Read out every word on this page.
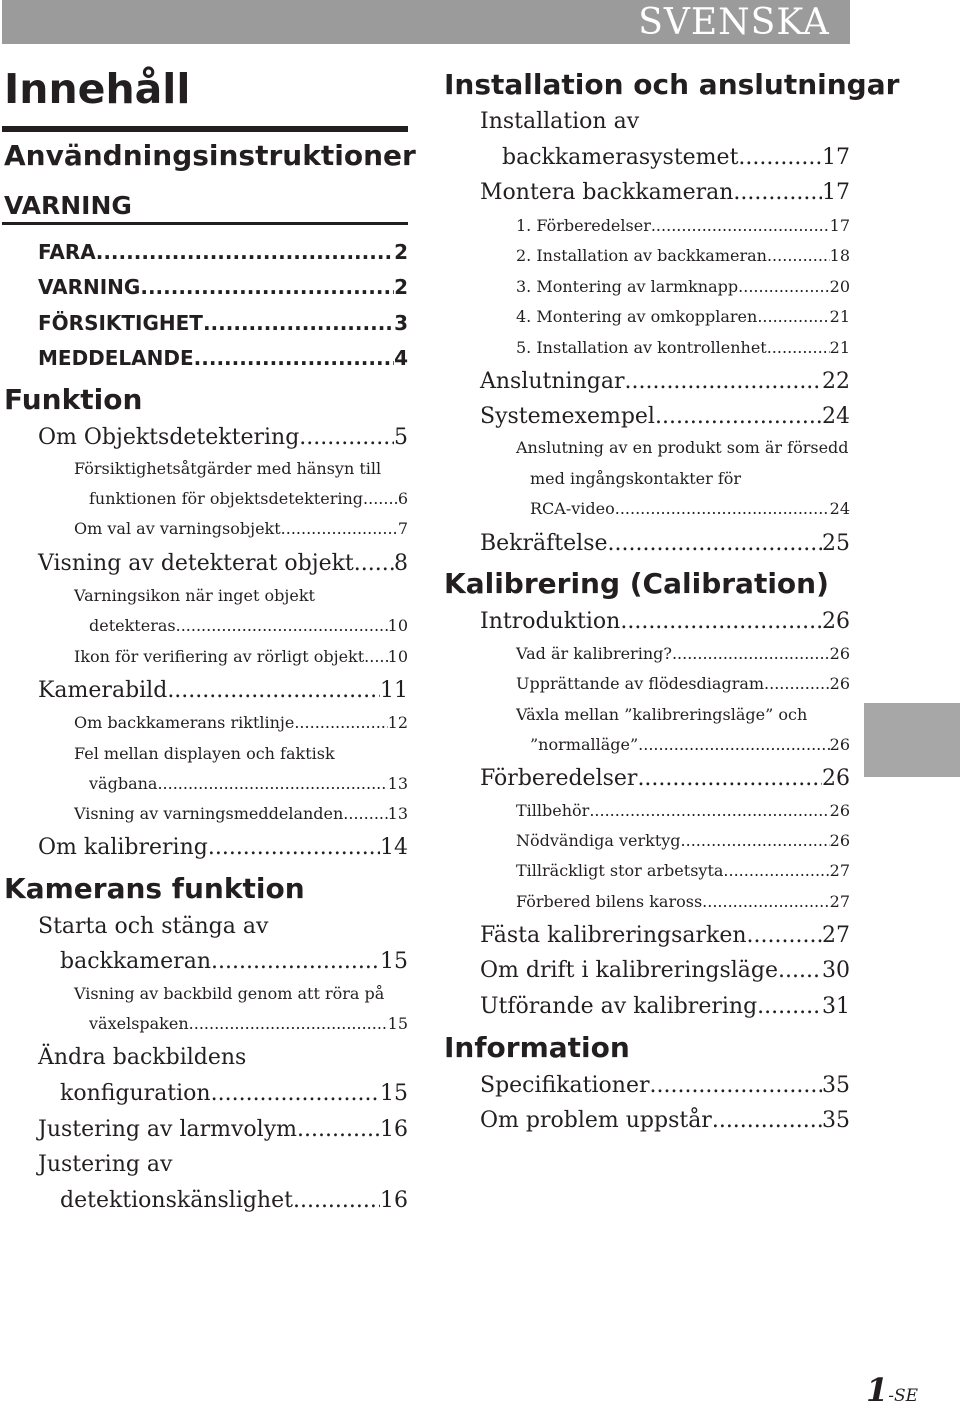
SVENSKA
Innehåll
Användningsinstruktioner
VARNING
FARA .....	2
VARNING .....	2
FÖRSIKTIGHET .....	3
MEDDELANDE .....	4
Funktion
Om Objektsdetektering .....	5
Försiktighetsåtgärder med hänsyn till
funktionen för objektsdetektering ..... 6
Om val av varningsobjekt .....	7
Visning av detekterat objekt ..... 8
Varningsikon när inget objekt
detekteras .....	10
Ikon för verifiering av rörligt objekt ..... 10
Kamerabild .....	11
Om backkamerans riktlinje .....	12
Fel mellan displayen och faktisk
vägbana .....	13
Visning av varningsmeddelanden .....	13
Om kalibrering .....	14
Kamerans funktion
Starta och stänga av
backkameran .....	15
Visning av backbild genom att röra på
växelspaken .....	15
Ändra backbildens
konfiguration .....	15
Justering av larmvolym .....	16
Justering av
detektionskänslighet .....	16
Installation och anslutningar
Installation av
backkamerasystemet .....	17
Montera backkameran .....	17
1. Förberedelser .....	17
2. Installation av backkameran .....	18
3. Montering av larmknapp .....	20
4. Montering av omkopplaren .....	21
5. Installation av kontrollenhet .....	21
Anslutningar .....	22
Systemexempel .....	24
Anslutning av en produkt som är försedd
med ingångskontakter för
RCA-video .....	24
Bekräftelse .....	25
Kalibrering (Calibration)
Introduktion .....	26
Vad är kalibrering? .....	26
Upprättande av flödesdiagram .....	26
Växla mellan ”kalibreringsläge” och
”normalläge” .....	26
Förberedelser .....	26
Tillbehör .....	26
Nödvändiga verktyg .....	26
Tillräckligt stor arbetsyta .....	27
Förbered bilens kaross .....	27
Fästa kalibreringsarken .....	27
Om drift i kalibreringsläge ..... 30
Utförande av kalibrering .....	31
Information
Specifikationer .....	35
Om problem uppstår .....	35
1-SE
